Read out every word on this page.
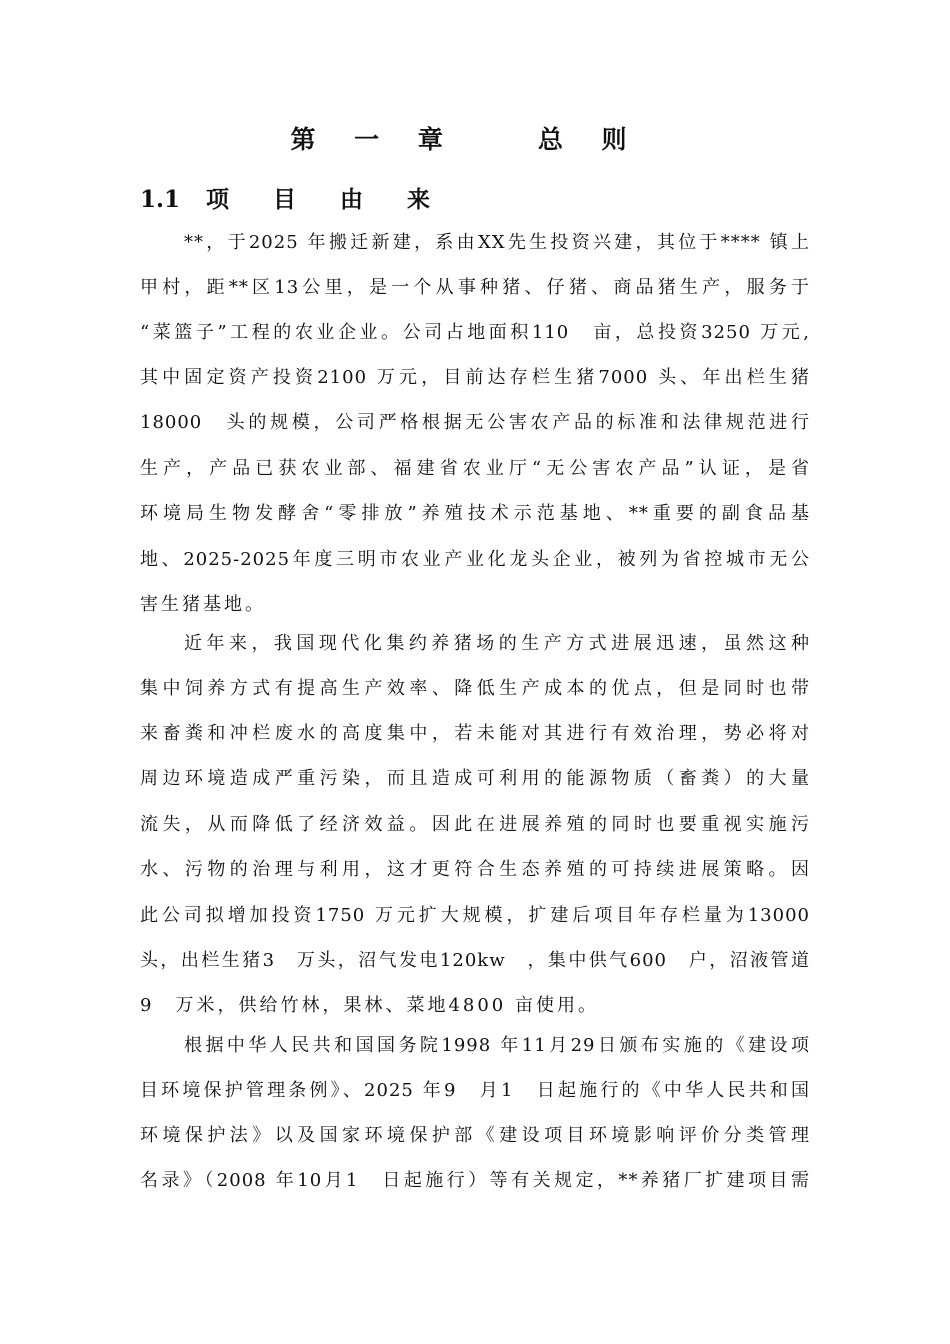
第 一 章　　总 则
1.1 项 目 由 来
**，于2025 年搬迁新建，系由XX先生投资兴建，其位于**** 镇上
甲村，距**区13公里，是一个从事种猪、仔猪、商品猪生产，服务于
“菜篮子”工程的农业企业。公司占地面积110　亩，总投资3250 万元,
其中固定资产投资2100 万元，目前达存栏生猪7000 头、年出栏生猪
18000　头的规模，公司严格根据无公害农产品的标准和法律规范进行
生产，产品已获农业部、福建省农业厅“无公害农产品”认证，是省
环境局生物发酵舍“零排放”养殖技术示范基地、**重要的副食品基
地、2025-2025年度三明市农业产业化龙头企业，被列为省控城市无公
害生猪基地。
近年来，我国现代化集约养猪场的生产方式进展迅速，虽然这种
集中饲养方式有提高生产效率、降低生产成本的优点，但是同时也带
来畜粪和冲栏废水的高度集中，若未能对其进行有效治理，势必将对
周边环境造成严重污染，而且造成可利用的能源物质（畜粪）的大量
流失，从而降低了经济效益。因此在进展养殖的同时也要重视实施污
水、污物的治理与利用，这才更符合生态养殖的可持续进展策略。因
此公司拟增加投资1750 万元扩大规模，扩建后项目年存栏量为13000
头，出栏生猪3　万头，沼气发电120kw　，集中供气600　户，沼液管道
9　万米，供给竹林，果林、菜地4800 亩使用。
根据中华人民共和国国务院1998 年11月29日颁布实施的《建设项
目环境保护管理条例》、2025 年9　月1　日起施行的《中华人民共和国
环境保护法》以及国家环境保护部《建设项目环境影响评价分类管理
名录》（2008 年10月1　日起施行）等有关规定，**养猪厂扩建项目需
